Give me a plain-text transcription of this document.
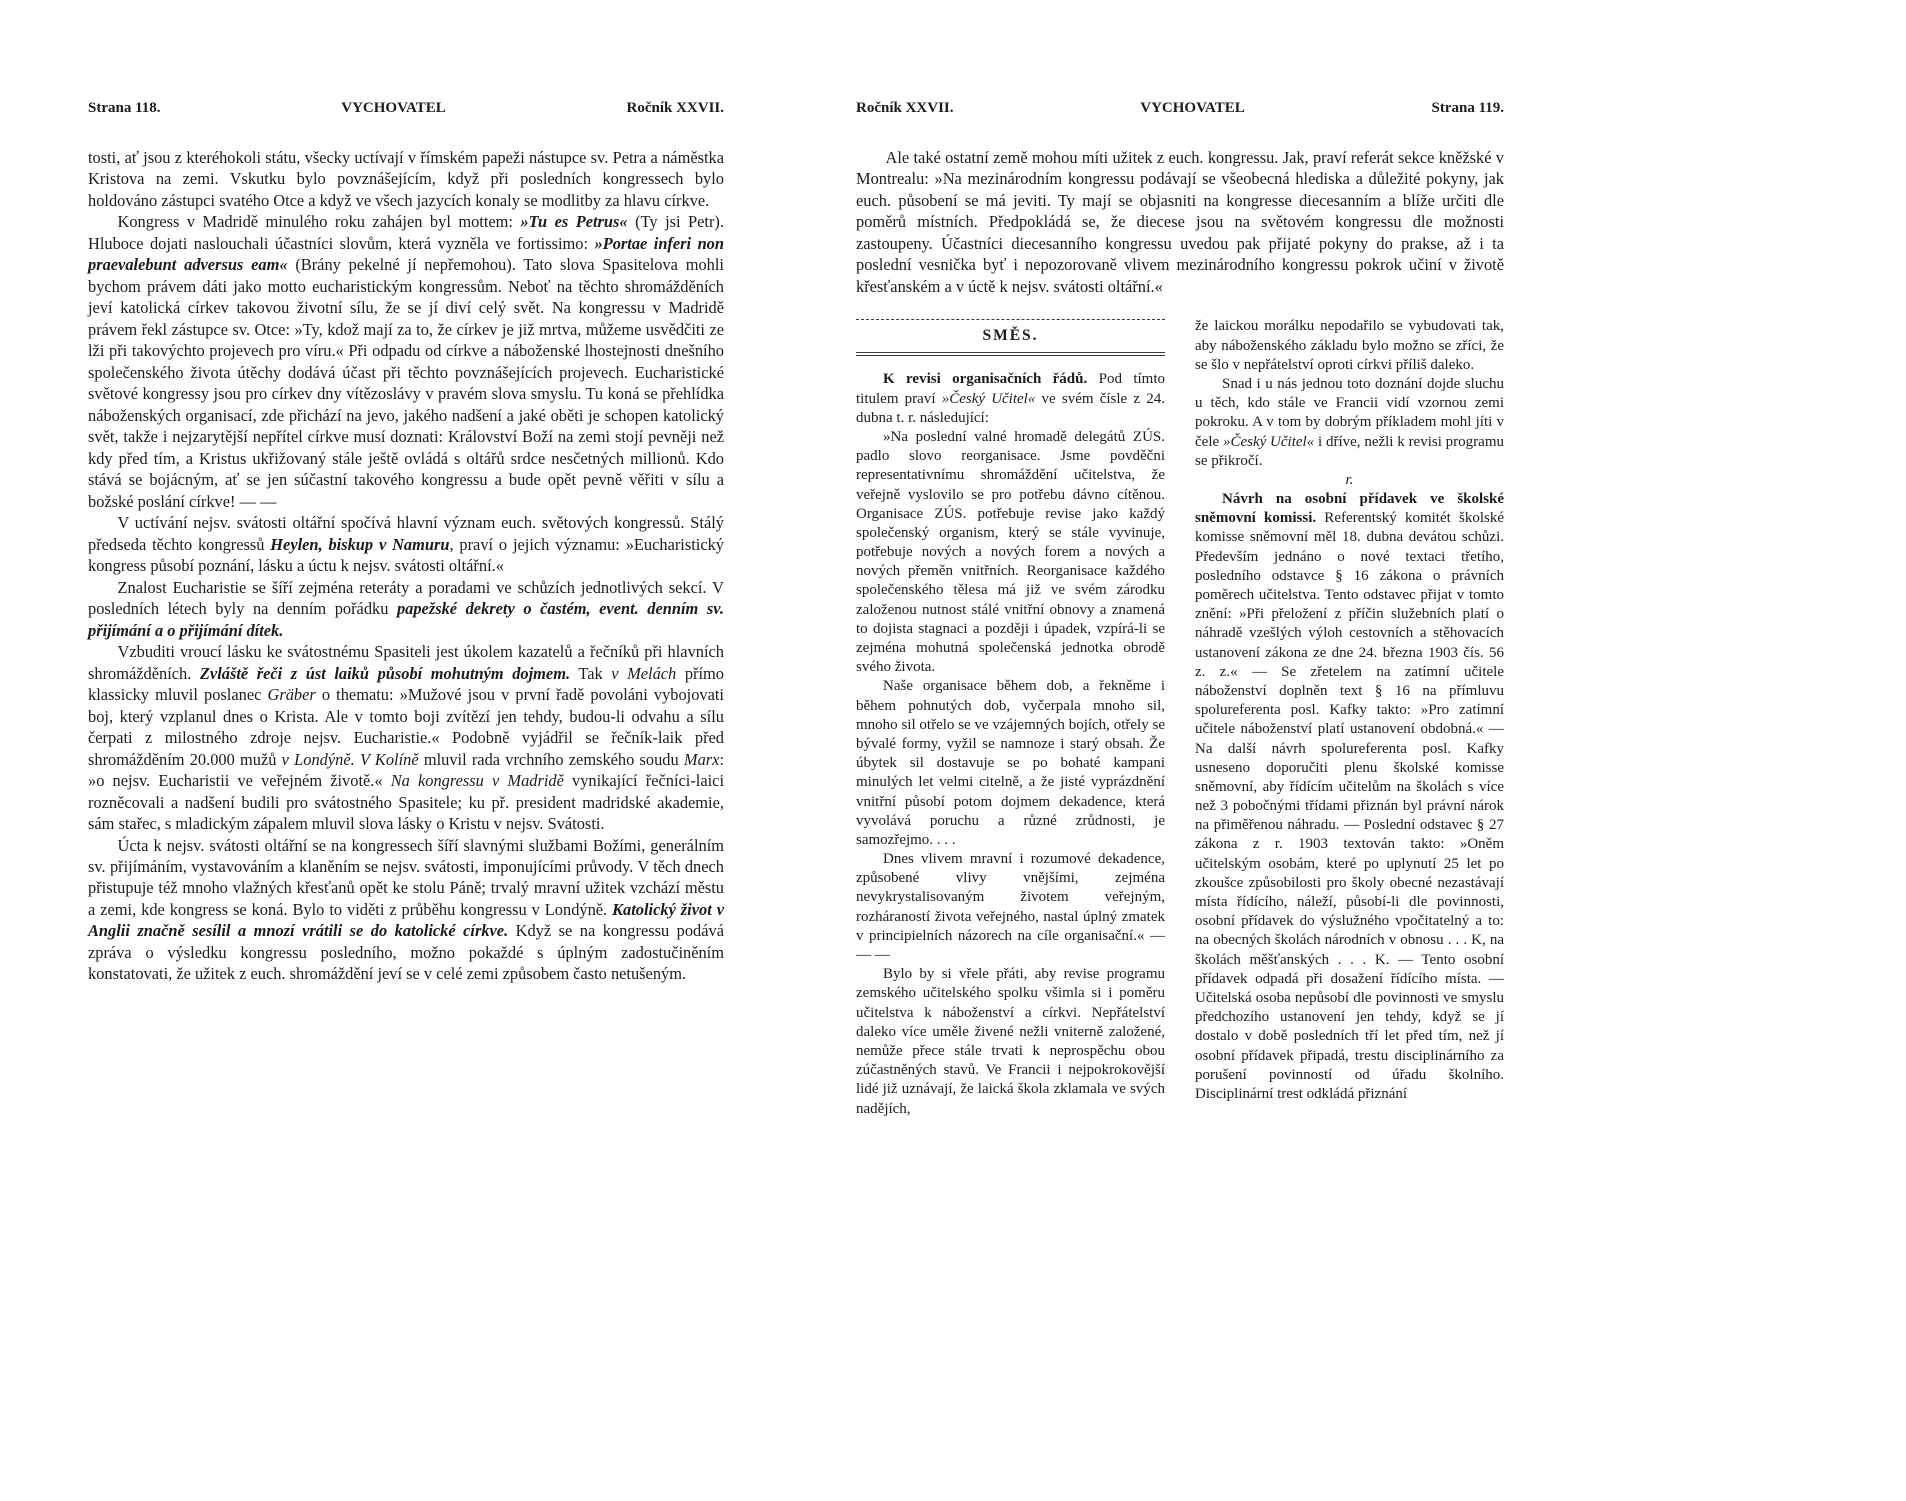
Strana 118.	VYCHOVATEL	Ročník XXVII.

tosti, ať jsou z kteréhokoli státu, všecky uctívají v římském papeži nástupce sv. Petra a náměstka Kristova na zemi. Vskutku bylo povznášejícím, když při posledních kongressech bylo holdováno zástupci svatého Otce a když ve všech jazycích konaly se modlitby za hlavu církve.

Kongress v Madridě minulého roku zahájen byl mottem: »Tu es Petrus« (Ty jsi Petr). Hluboce dojati naslouchali účastníci slovům, která vyzněla ve fortissimo: »Portae inferi non praevalebunt adversus eam« (Brány pekelné jí nepřemohou). Tato slova Spasitelova mohli bychom právem dáti jako motto eucharistickým kongressům. Neboť na těchto shromážděních jeví katolická církev takovou životní sílu, že se jí diví celý svět. Na kongressu v Madridě právem řekl zástupce sv. Otce: »Ty, kdož mají za to, že církev je již mrtva, můžeme usvědčiti ze lži při takovýchto projevech pro víru.« Při odpadu od církve a náboženské lhostejnosti dnešního společenského života útěchy dodává účast při těchto povznášejících projevech. Eucharistické světové kongressy jsou pro církev dny vítězoslávy v pravém slova smyslu. Tu koná se přehlídka náboženských organisací, zde přichází na jevo, jakého nadšení a jaké oběti je schopen katolický svět, takže i nejzarytější nepřítel církve musí doznati: Království Boží na zemi stojí pevněji než kdy před tím, a Kristus ukřižovaný stále ještě ovládá s oltářů srdce nesčetných millionů. Kdo stává se bojácným, ať se jen súčastní takového kongressu a bude opět pevně věřiti v sílu a božské poslání církve! — —

V uctívání nejsv. svátosti oltářní spočívá hlavní význam euch. světových kongressů. Stálý předseda těchto kongressů Heylen, biskup v Namuru, praví o jejich významu: »Eucharistický kongress působí poznání, lásku a úctu k nejsv. svátosti oltářní.«

Znalost Eucharistie se šíří zejména reteráty a poradami ve schůzích jednotlivých sekcí. V posledních létech byly na denním pořádku papežské dekrety o častém, event. denním sv. přijímání a o přijímání dítek.

Vzbuditi vroucí lásku ke svátostnému Spasiteli jest úkolem kazatelů a řečníků při hlavních shromážděních. Zvláště řeči z úst laiků působí mohutným dojmem. Tak v Melách přímo klassicky mluvil poslanec Gräber o thematu: »Mužové jsou v první řadě povoláni vybojovati boj, který vzplanul dnes o Krista. Ale v tomto boji zvítězí jen tehdy, budou-li odvahu a sílu čerpati z milostného zdroje nejsv. Eucharistie.« Podobně vyjádřil se řečník-laik před shromážděním 20.000 mužů v Londýně. V Kolíně mluvil rada vrchního zemského soudu Marx: »o nejsv. Eucharistii ve veřejném životě.« Na kongressu v Madridě vynikající řečníci-laici rozněcovali a nadšení budili pro svátostného Spasitele; ku př. president madridské akademie, sám stařec, s mladickým zápalem mluvil slova lásky o Kristu v nejsv. Svátosti.

Úcta k nejsv. svátosti oltářní se na kongressech šíří slavnými službami Božími, generálním sv. přijímáním, vystavováním a klaněním se nejsv. svátosti, imponujícími průvody. V těch dnech přistupuje též mnoho vlažných křesťanů opět ke stolu Páně; trvalý mravní užitek vzchází městu a zemi, kde kongress se koná. Bylo to viděti z průběhu kongressu v Londýně. Katolický život v Anglii značně sesílil a mnozí vrátili se do katolické církve. Když se na kongressu podává zpráva o výsledku kongressu posledního, možno pokaždé s úplným zadostučiněním konstatovati, že užitek z euch. shromáždění jeví se v celé zemi způsobem často netušeným.

Ročník XXVII.	VYCHOVATEL	Strana 119.

Ale také ostatní země mohou míti užitek z euch. kongressu. Jak, praví referát sekce kněžské v Montrealu: »Na mezinárodním kongressu podávají se všeobecná hlediska a důležité pokyny, jak euch. působení se má jeviti. Ty mají se objasniti na kongresse diecesanním a blíže určiti dle poměrů místních. Předpokládá se, že diecese jsou na světovém kongressu dle možnosti zastoupeny. Účastníci diecesanního kongressu uvedou pak přijaté pokyny do prakse, až i ta poslední vesnička byť i nepozorovaně vlivem mezinárodního kongressu pokrok učiní v životě křesťanském a v úctě k nejsv. svátosti oltářní.«

SMĚS.

K revisi organisačních řádů. Pod tímto titulem praví »Český Učitel« ve svém čísle z 24. dubna t. r. následující:

»Na poslední valné hromadě delegátů ZÚS. padlo slovo reorganisace. Jsme povděčni representativnímu shromáždění učitelstva, že veřejně vyslovilo se pro potřebu dávno cítěnou. Organisace ZÚS. potřebuje revise jako každý společenský organism, který se stále vyvinuje, potřebuje nových a nových forem a nových a nových přeměn vnitřních. Reorganisace každého společenského tělesa má již ve svém zárodku založenou nutnost stálé vnitřní obnovy a znamená to dojista stagnaci a později i úpadek, vzpírá-li se zejména mohutná společenská jednotka obrodě svého života.

Naše organisace během dob, a řekněme i během pohnutých dob, vyčerpala mnoho sil, mnoho sil otřelo se ve vzájemných bojích, otřely se bývalé formy, vyžil se namnoze i starý obsah. Že úbytek sil dostavuje se po bohaté kampani minulých let velmi citelně, a že jisté vyprázdnění vnitřní působí potom dojmem dekadence, která vyvolává poruchu a různé zrůdnosti, je samozřejmo. . . .

Dnes vlivem mravní i rozumové dekadence, způsobené vlivy vnějšími, zejména nevykrystalisovaným životem veřejným, rozháraností života veřejného, nastal úplný zmatek v principielních názorech na cíle organisační.« — — —

Bylo by si vřele přáti, aby revise programu zemského učitelského spolku všimla si i poměru učitelstva k náboženství a církvi. Nepřátelství daleko více uměle živené nežli vniterně založené, nemůže přece stále trvati k neprospěchu obou zúčastněných stavů. Ve Francii i nejpokrokovější lidé již uznávají, že laická škola zklamala ve svých nadějích,

že laickou morálku nepodařilo se vybudovati tak, aby náboženského základu bylo možno se zříci, že se šlo v nepřátelství oproti církvi příliš daleko.

Snad i u nás jednou toto doznání dojde sluchu u těch, kdo stále ve Francii vidí vzornou zemi pokroku. A v tom by dobrým příkladem mohl jíti v čele »Český Učitel« i dříve, nežli k revisi programu se přikročí.

r.

Návrh na osobní přídavek ve školské sněmovní komissi. Referentský komitét školské komisse sněmovní měl 18. dubna devátou schůzi. Především jednáno o nové textaci třetího, posledního odstavce § 16 zákona o právních poměrech učitelstva. Tento odstavec přijat v tomto znění: »Při přeložení z příčin služebních platí o náhradě vzešlých výloh cestovních a stěhovacích ustanovení zákona ze dne 24. března 1903 čís. 56 z. z.« — Se zřetelem na zatímní učitele náboženství doplněn text § 16 na přímluvu spolureferenta posl. Kafky takto: »Pro zatímní učitele náboženství platí ustanovení obdobná.« — Na další návrh spolureferenta posl. Kafky usneseno doporučiti plenu školské komisse sněmovní, aby řídícím učitelům na školách s více než 3 pobočnými třídami přiznán byl právní nárok na přiměřenou náhradu. — Poslední odstavec § 27 zákona z r. 1903 textován takto: »Oněm učitelským osobám, které po uplynutí 25 let po zkoušce způsobilosti pro školy obecné nezastávají místa řídícího, náleží, působí-li dle povinnosti, osobní přídavek do výslužného vpočitatelný a to: na obecných školách národních v obnosu . . . K, na školách měšťanských . . . K. — Tento osobní přídavek odpadá při dosažení řídícího místa. — Učitelská osoba nepůsobí dle povinnosti ve smyslu předchozího ustanovení jen tehdy, když se jí dostalo v době posledních tří let před tím, než jí osobní přídavek připadá, trestu disciplinárního za porušení povinností od úřadu školního. Disciplinární trest odkládá přiznání
